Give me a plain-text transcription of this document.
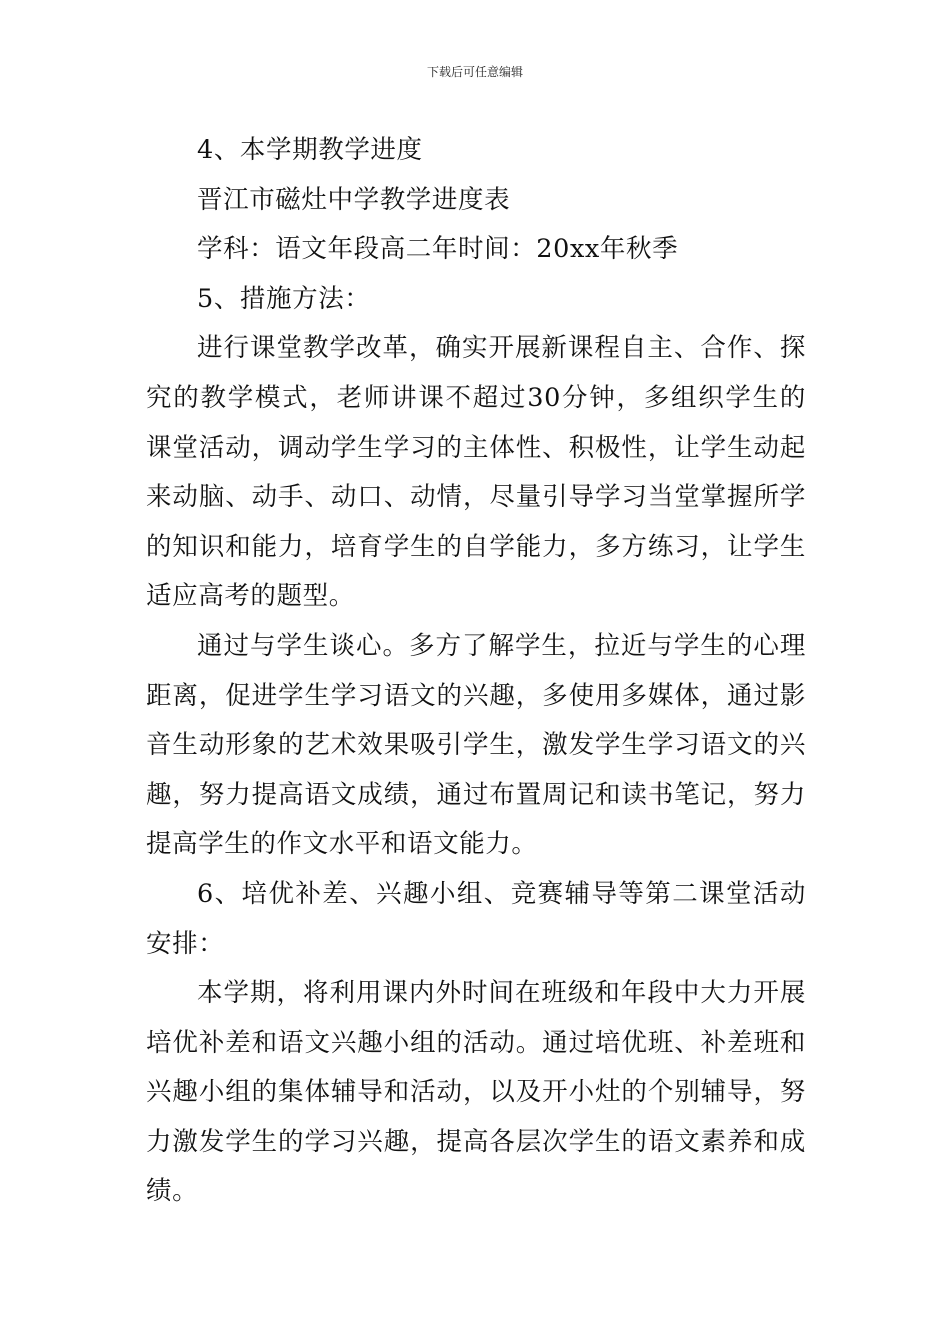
下载后可任意编辑

4、本学期教学进度

晋江市磁灶中学教学进度表

学科：语文年段高二年时间：20xx年秋季

5、措施方法：

进行课堂教学改革，确实开展新课程自主、合作、探究的教学模式，老师讲课不超过30分钟，多组织学生的课堂活动，调动学生学习的主体性、积极性，让学生动起来动脑、动手、动口、动情，尽量引导学习当堂掌握所学的知识和能力，培育学生的自学能力，多方练习，让学生适应高考的题型。

通过与学生谈心。多方了解学生，拉近与学生的心理距离，促进学生学习语文的兴趣，多使用多媒体，通过影音生动形象的艺术效果吸引学生，激发学生学习语文的兴趣，努力提高语文成绩，通过布置周记和读书笔记，努力提高学生的作文水平和语文能力。

6、培优补差、兴趣小组、竞赛辅导等第二课堂活动安排：

本学期，将利用课内外时间在班级和年段中大力开展培优补差和语文兴趣小组的活动。通过培优班、补差班和兴趣小组的集体辅导和活动，以及开小灶的个别辅导，努力激发学生的学习兴趣，提高各层次学生的语文素养和成绩。
